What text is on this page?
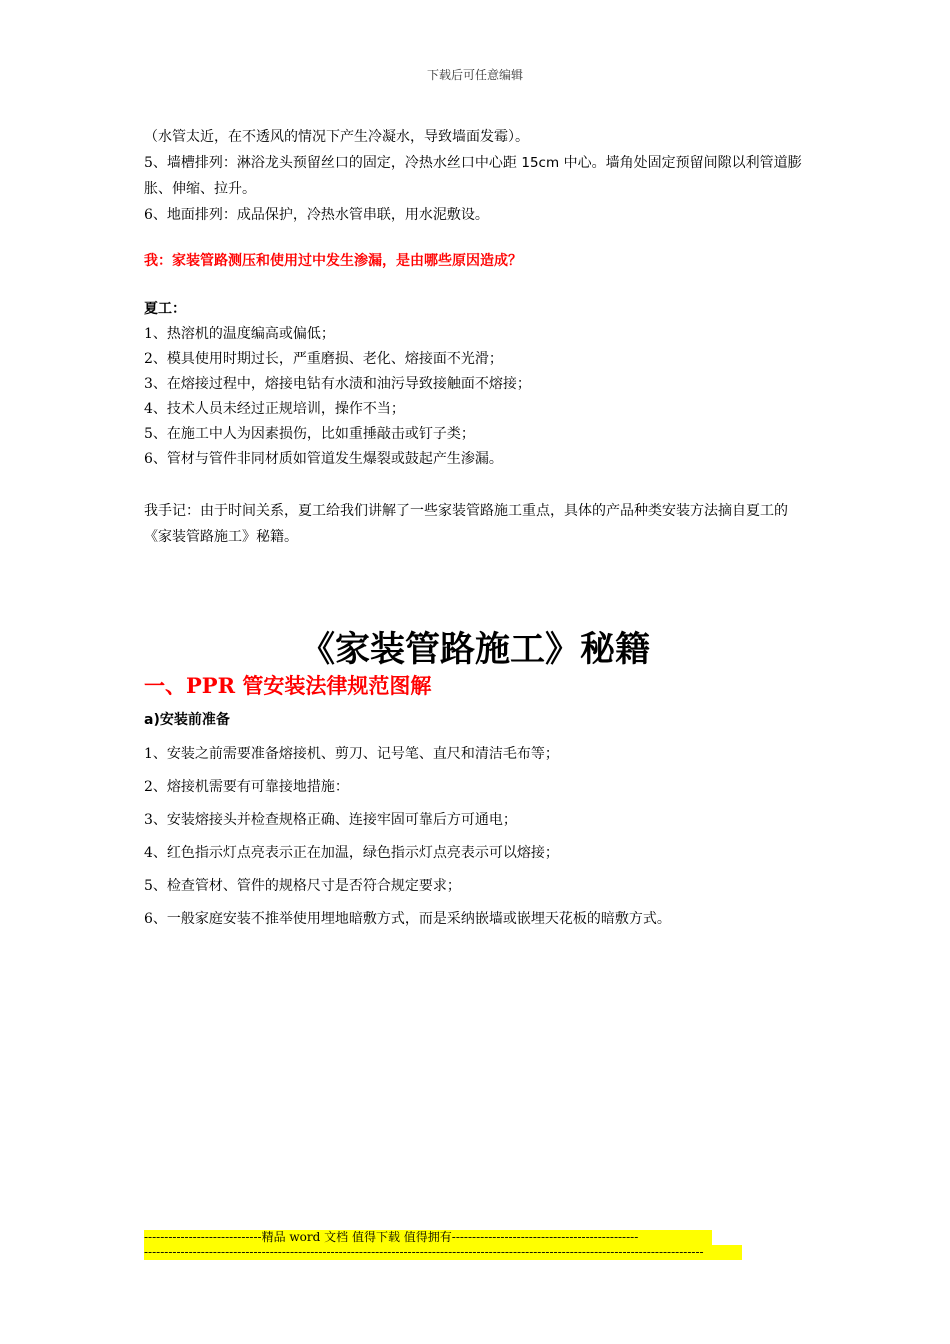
下载后可任意编辑

（水管太近，在不透风的情况下产生冷凝水，导致墙面发霉）。

5、墙槽排列：淋浴龙头预留丝口的固定，冷热水丝口中心距 15cm 中心。墙角处固定预留间隙以利管道膨胀、伸缩、拉升。

6、地面排列：成品保护，冷热水管串联，用水泥敷设。

我：家装管路测压和使用过中发生渗漏，是由哪些原因造成？
夏工：
1、热溶机的温度编高或偏低；
2、模具使用时期过长，严重磨损、老化、熔接面不光滑；
3、在熔接过程中，熔接电钻有水渍和油污导致接触面不熔接；
4、技术人员未经过正规培训，操作不当；
5、在施工中人为因素损伤，比如重捶敲击或钉子类；
6、管材与管件非同材质如管道发生爆裂或鼓起产生渗漏。
我手记：由于时间关系，夏工给我们讲解了一些家装管路施工重点，具体的产品种类安装方法摘自夏工的《家装管路施工》秘籍。
《家装管路施工》秘籍
一、PPR 管安装法律规范图解
a)安装前准备
1、安装之前需要准备熔接机、剪刀、记号笔、直尺和清洁毛布等；
2、熔接机需要有可靠接地措施：
3、安装熔接头并检查规格正确、连接牢固可靠后方可通电；
4、红色指示灯点亮表示正在加温，绿色指示灯点亮表示可以熔接；
5、检查管材、管件的规格尺寸是否符合规定要求；
6、一般家庭安装不推举使用埋地暗敷方式，而是采纳嵌墙或嵌埋天花板的暗敷方式。
-----------------------------精品 word 文档 值得下载 值得拥有----------------------------------------------
------------------------------------------------------------------------------------------------------------------------------------------
